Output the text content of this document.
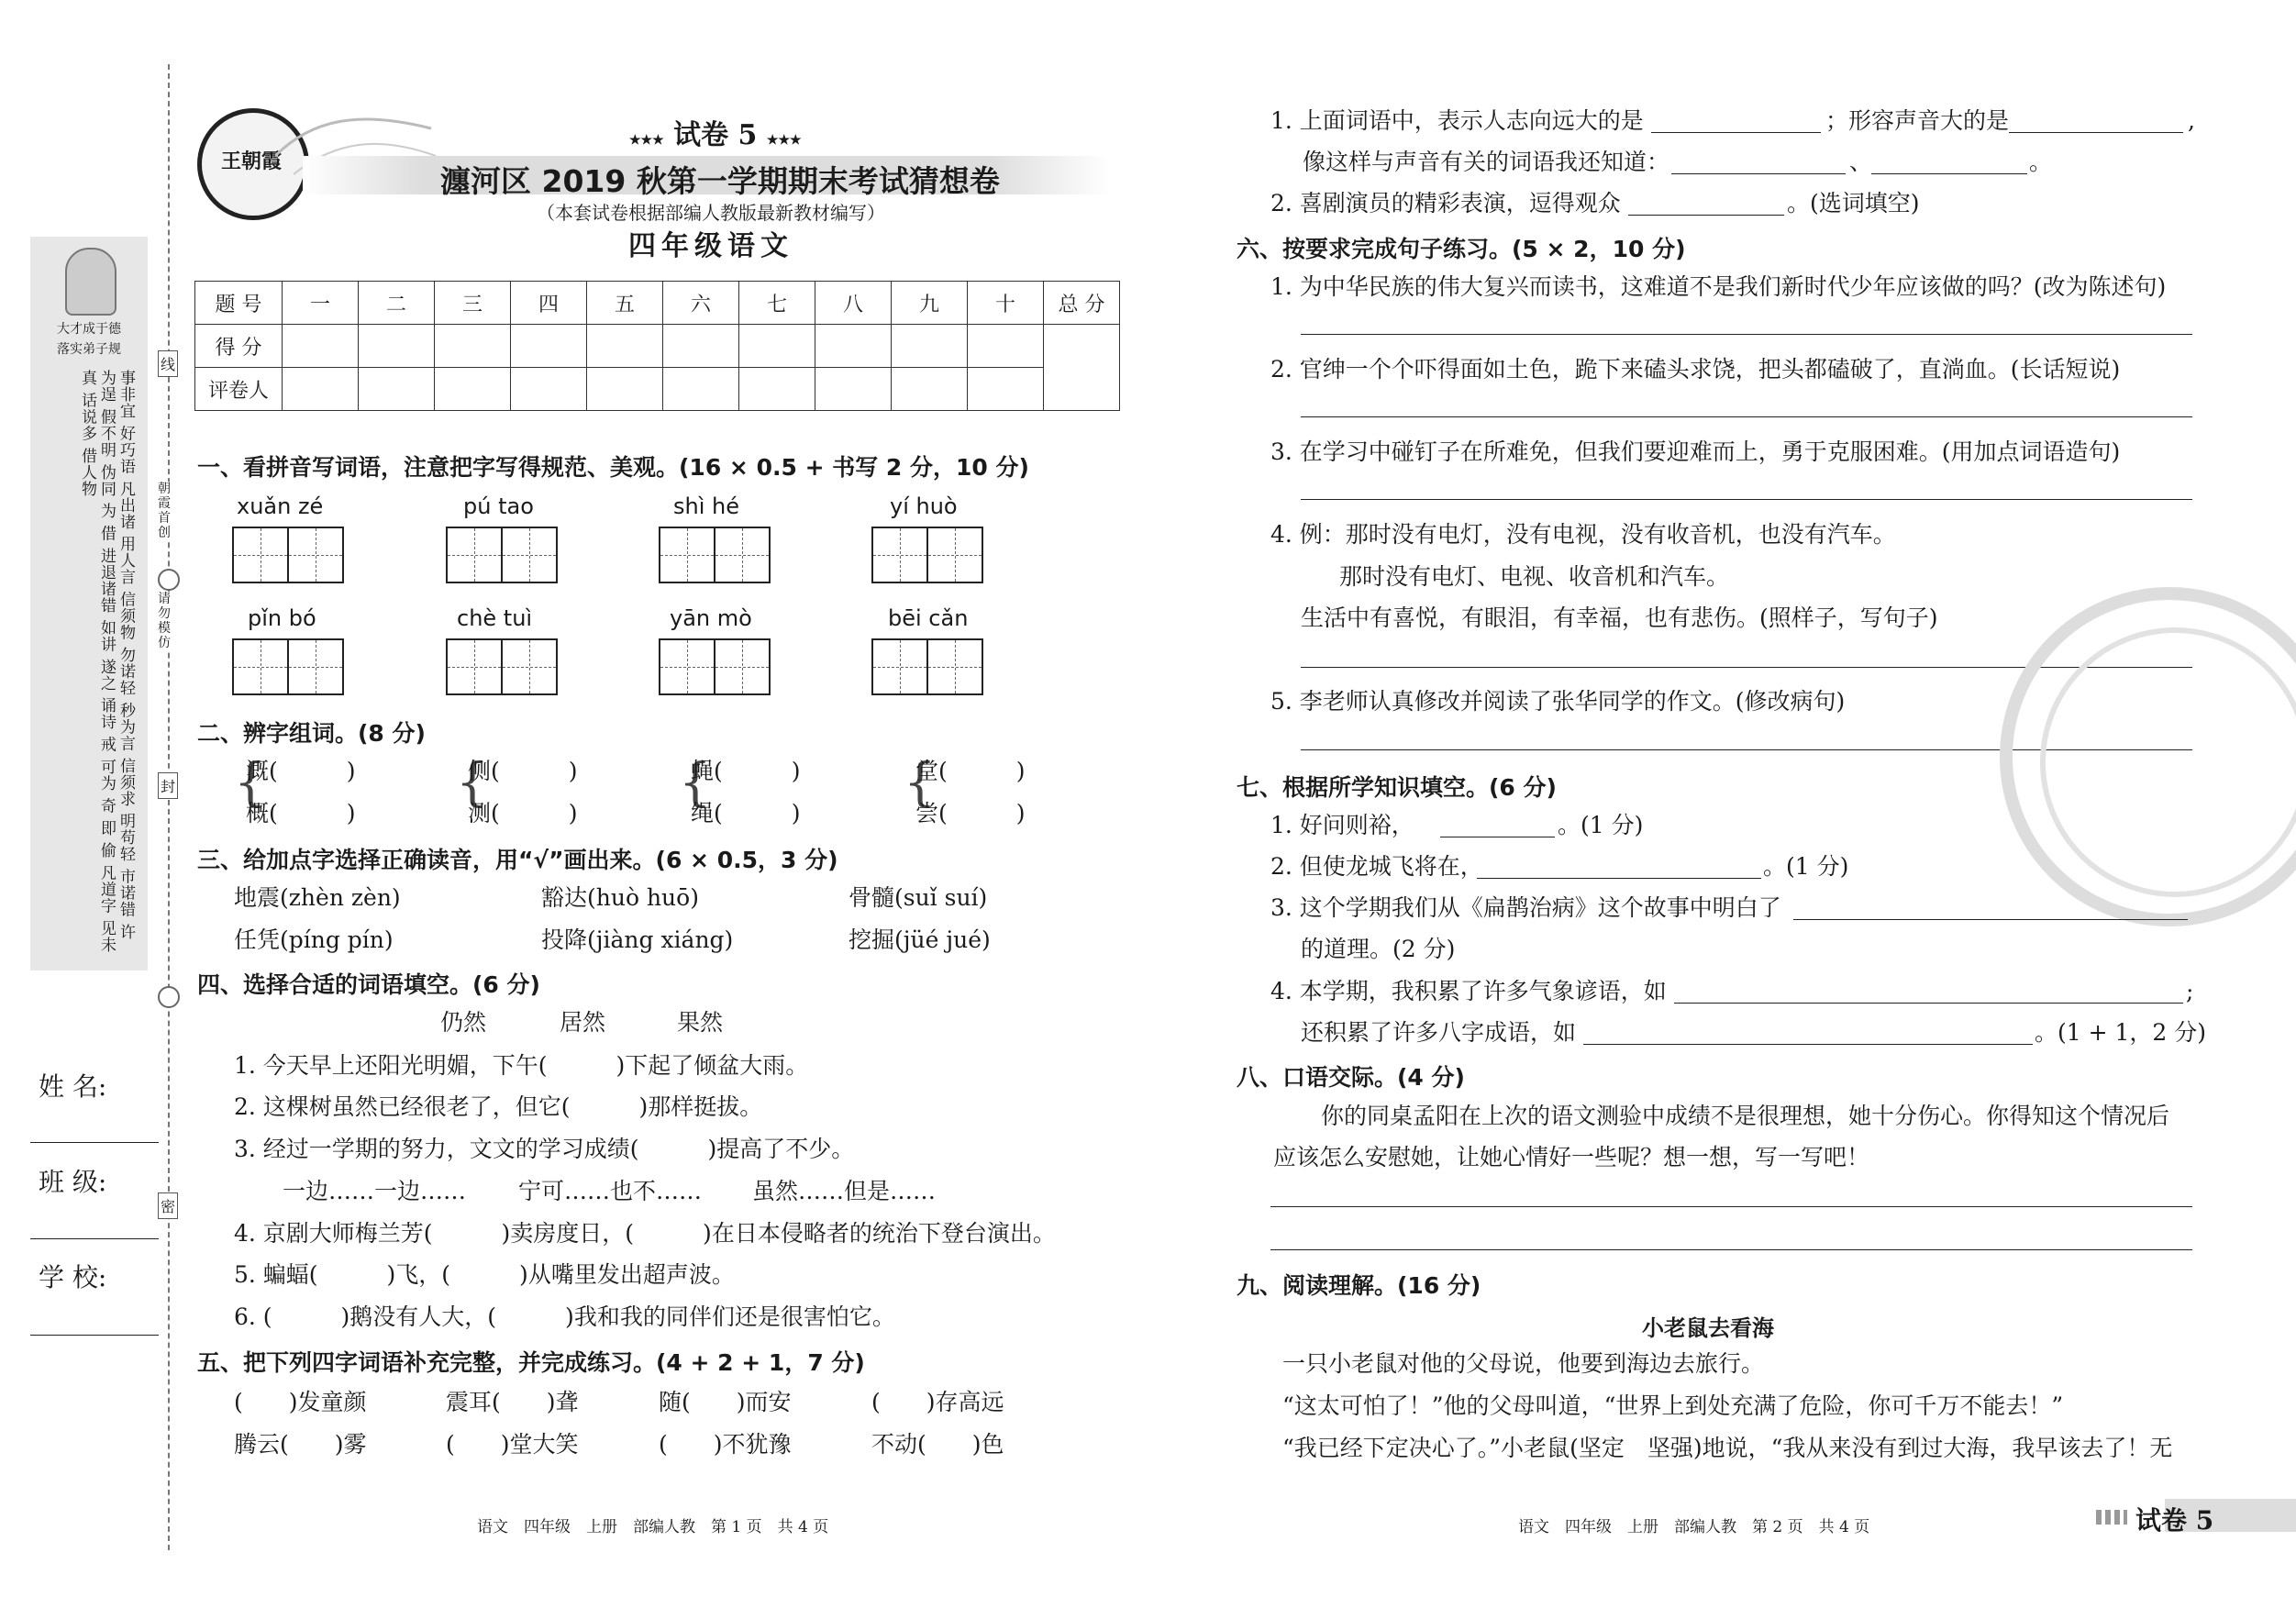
王朝霞
★★★ 试卷 5 ★★★
瀍河区 2019 秋第一学期期末考试猜想卷
（本套试卷根据部编人教版最新教材编写）
四年级语文
题 号	一	二	三	四	五	六	七	八	九	十	总 分
得 分											
评卷人											
线
朝霞首创
请勿模仿
封
密
大才成于德
落实弟子规
事非宜 好巧语 凡出诸 用人言 信须物 勿诺轻 秒为言 信须求 明苟轻 市诺错 许为逞 假不明 伪同 为 借 进退诸错 如讲 遂之 诵诗 戒 可为 奇 即 偷 凡道字 见未真 话说多 借人物
姓 名:
班 级:
学 校:
一、看拼音写词语，注意把字写得规范、美观。(16 × 0.5 + 书写 2 分，10 分)
xuǎn zé	pú tao	shì hé	yí huò
pǐn bó	chè tuì	yān mò	bēi cǎn
二、辨字组词。(8 分)
{
溉(　　　)
概(　　　)
{
侧(　　　)
测(　　　)
{
蝇(　　　)
绳(　　　)
{
堂(　　　)
尝(　　　)
三、给加点字选择正确读音，用“√”画出来。(6 × 0.5，3 分)
地震(zhèn zèn)	豁达(huò huō)	骨髓(suǐ suí)
任凭(píng pín)	投降(jiàng xiáng)	挖掘(jüé jué)
四、选择合适的词语填空。(6 分)
仍然	居然	果然
1. 今天早上还阳光明媚，下午(　　　)下起了倾盆大雨。
2. 这棵树虽然已经很老了，但它(　　　)那样挺拔。
3. 经过一学期的努力，文文的学习成绩(　　　)提高了不少。
一边……一边…… 宁可……也不…… 虽然……但是……
4. 京剧大师梅兰芳(　　　)卖房度日，(　　　)在日本侵略者的统治下登台演出。
5. 蝙蝠(　　　)飞，(　　　)从嘴里发出超声波。
6. (　　　)鹅没有人大，(　　　)我和我的同伴们还是很害怕它。
五、把下列四字词语补充完整，并完成练习。(4 + 2 + 1，7 分)
(　　)发童颜	震耳(　　)聋	随(　　)而安	(　　)存高远
腾云(　　)雾	(　　)堂大笑	(　　)不犹豫	不动(　　)色
语文　四年级　上册　部编人教　第 1 页　共 4 页
1. 上面词语中，表示人志向远大的是	；形容声音大的是	,
像这样与声音有关的词语我还知道：	、	。
2. 喜剧演员的精彩表演，逗得观众	。(选词填空)
六、按要求完成句子练习。(5 × 2，10 分)
1. 为中华民族的伟大复兴而读书，这难道不是我们新时代少年应该做的吗？(改为陈述句)
2. 官绅一个个吓得面如土色，跪下来磕头求饶，把头都磕破了，直淌血。(长话短说)
3. 在学习中碰钉子在所难免，但我们要迎难而上，勇于克服困难。(用加点词语造句)
4. 例：那时没有电灯，没有电视，没有收音机，也没有汽车。
那时没有电灯、电视、收音机和汽车。
生活中有喜悦，有眼泪，有幸福，也有悲伤。(照样子，写句子)
5. 李老师认真修改并阅读了张华同学的作文。(修改病句)
七、根据所学知识填空。(6 分)
1. 好问则裕，	。(1 分)
2. 但使龙城飞将在，	。(1 分)
3. 这个学期我们从《扁鹊治病》这个故事中明白了
的道理。(2 分)
4. 本学期，我积累了许多气象谚语，如	;
还积累了许多八字成语，如	。(1 + 1，2 分)
八、口语交际。(4 分)
你的同桌孟阳在上次的语文测验中成绩不是很理想，她十分伤心。你得知这个情况后
应该怎么安慰她，让她心情好一些呢？想一想，写一写吧！
九、阅读理解。(16 分)
小老鼠去看海
一只小老鼠对他的父母说，他要到海边去旅行。
“这太可怕了！”他的父母叫道，“世界上到处充满了危险，你可千万不能去！”
“我已经下定决心了。”小老鼠(坚定　坚强)地说，“我从来没有到过大海，我早该去了！无
语文　四年级　上册　部编人教　第 2 页　共 4 页	试卷 5
